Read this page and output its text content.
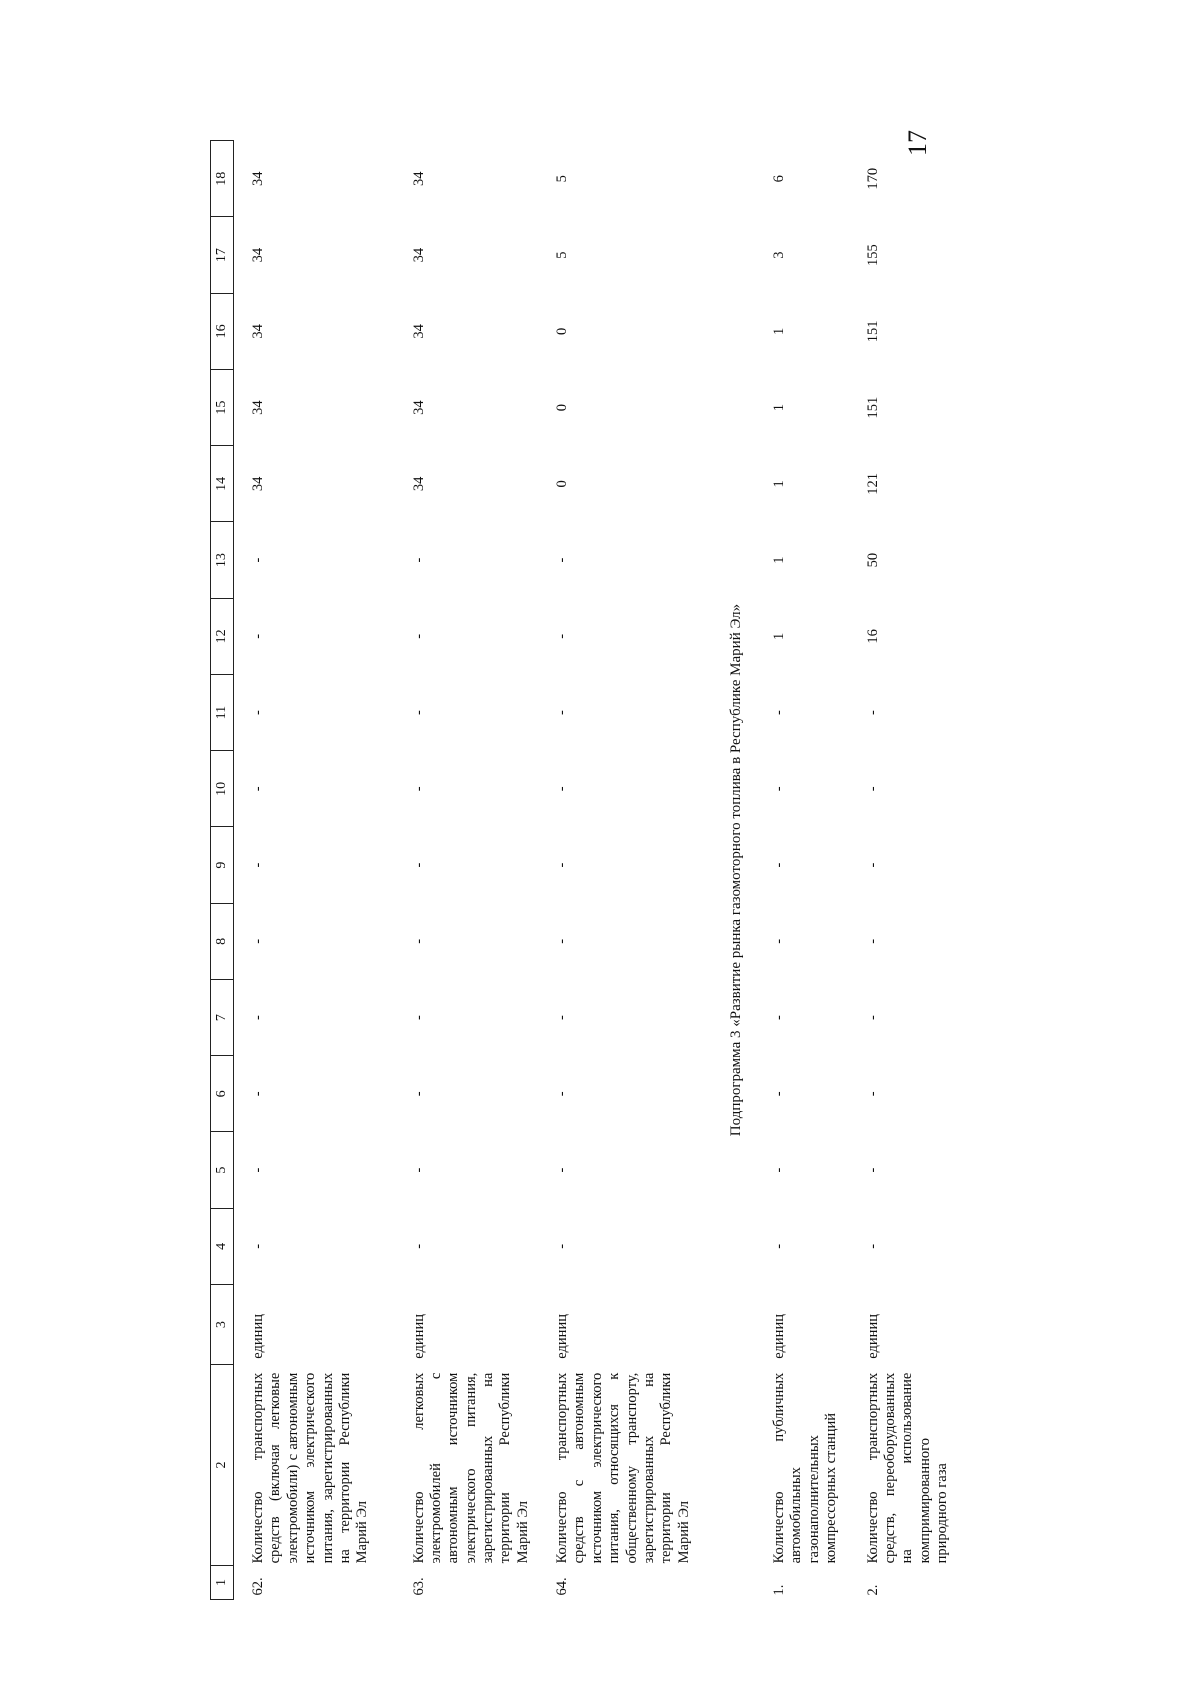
17
1	2	3	4	5	6	7	8	9	10	11	12	13	14	15	16	17	18
62.	Количество транспортных средств (включая легковые электромобили) с автономным источником электрического питания, зарегистрированных на территории Республики Марий Эл	единиц	-	-	-	-	-	-	-	-	-	-	34	34	34	34	34
63.	Количество легковых электромобилей с автономным источником электрического питания, зарегистрированных на территории Республики Марий Эл	единиц	-	-	-	-	-	-	-	-	-	-	34	34	34	34	34
64.	Количество транспортных средств с автономным источником электрического питания, относящихся к общественному транспорту, зарегистрированных на территории Республики Марий Эл	единиц	-	-	-	-	-	-	-	-	-	-	0	0	0	5	5
Подпрограмма 3 «Развитие рынка газомоторного топлива в Республике Марий Эл»																	
1.	Количество публичных автомобильных газонаполнительных компрессорных станций	единиц	-	-	-	-	-	-	-	-	1	1	1	1	1	3	6
2.	Количество транспортных средств, переоборудованных на использование компримированного природного газа	единиц	-	-	-	-	-	-	-	-	16	50	121	151	151	155	170
